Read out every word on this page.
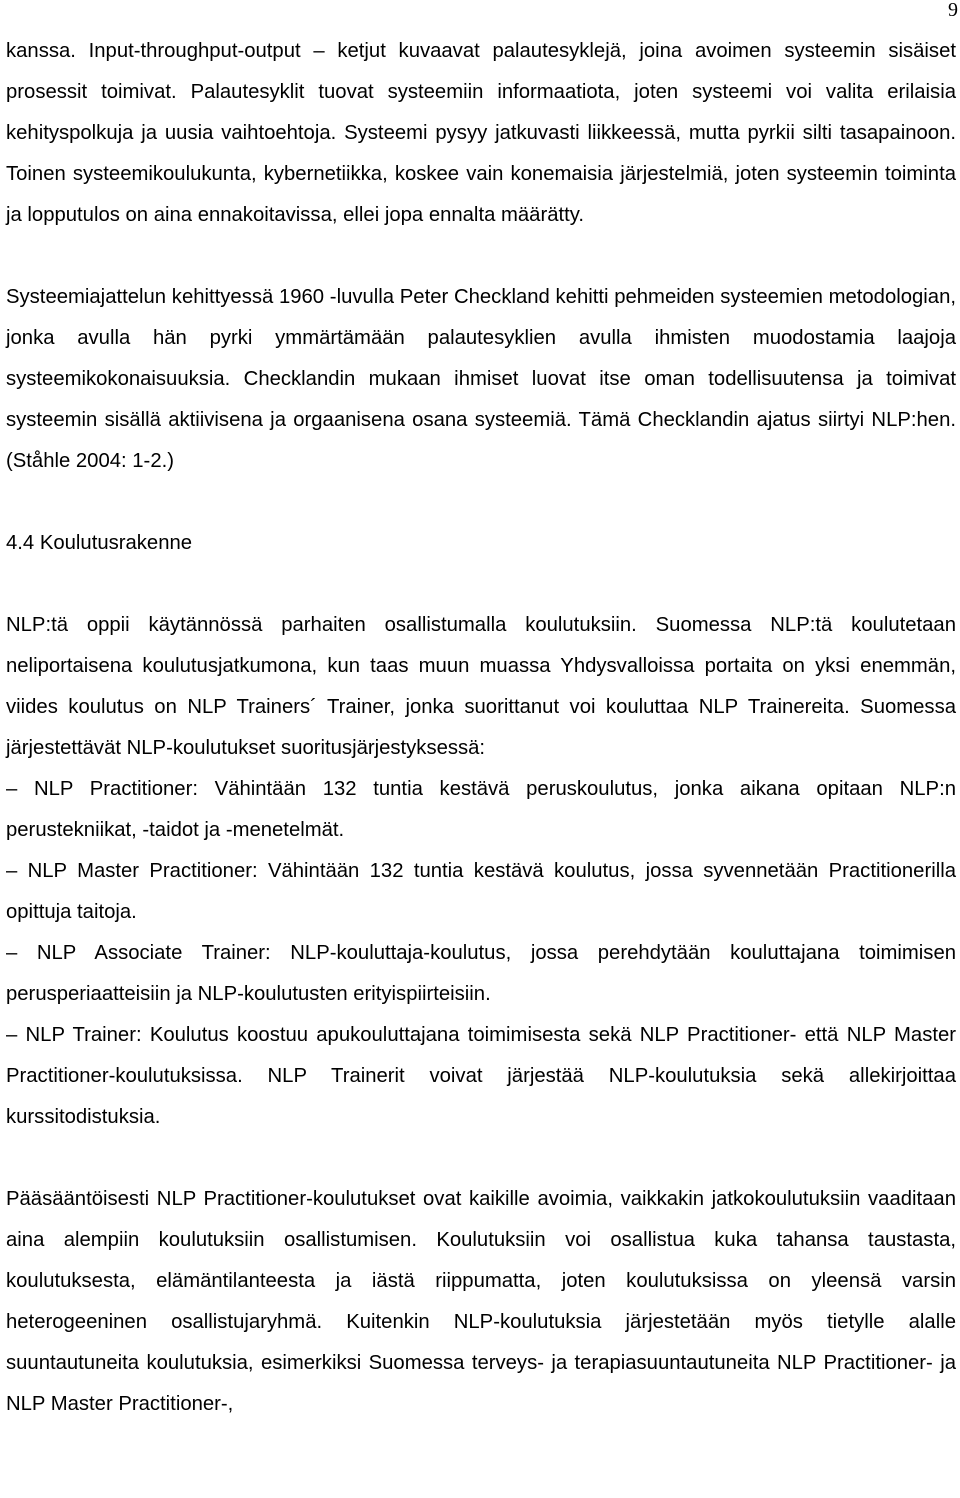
9

kanssa. Input-throughput-output – ketjut kuvaavat palautesyklejä, joina avoimen systeemin sisäiset prosessit toimivat. Palautesyklit tuovat systeemiin informaatiota, joten systeemi voi valita erilaisia kehityspolkuja ja uusia vaihtoehtoja. Systeemi pysyy jatkuvasti liikkeessä, mutta pyrkii silti tasapainoon. Toinen systeemikoulukunta, kybernetiikka, koskee vain konemaisia järjestelmiä, joten systeemin toiminta ja lopputulos on aina ennakoitavissa, ellei jopa ennalta määrätty.

Systeemiajattelun kehittyessä 1960 -luvulla Peter Checkland kehitti pehmeiden systeemien metodologian, jonka avulla hän pyrki ymmärtämään palautesyklien avulla ihmisten muodostamia laajoja systeemikokonaisuuksia. Checklandin mukaan ihmiset luovat itse oman todellisuutensa ja toimivat systeemin sisällä aktiivisena ja orgaanisena osana systeemiä. Tämä Checklandin ajatus siirtyi NLP:hen. (Ståhle 2004: 1-2.)

4.4 Koulutusrakenne

NLP:tä oppii käytännössä parhaiten osallistumalla koulutuksiin. Suomessa NLP:tä koulutetaan neliportaisena koulutusjatkumona, kun taas muun muassa Yhdysvalloissa portaita on yksi enemmän, viides koulutus on NLP Trainers´ Trainer, jonka suorittanut voi kouluttaa NLP Trainereita. Suomessa järjestettävät NLP-koulutukset suoritusjärjestyksessä:

– NLP Practitioner: Vähintään 132 tuntia kestävä peruskoulutus, jonka aikana opitaan NLP:n perustekniikat, -taidot ja -menetelmät.

– NLP Master Practitioner: Vähintään 132 tuntia kestävä koulutus, jossa syvennetään Practitionerilla opittuja taitoja.

– NLP Associate Trainer: NLP-kouluttaja-koulutus, jossa perehdytään kouluttajana toimimisen perusperiaatteisiin ja NLP-koulutusten erityispiirteisiin.

– NLP Trainer: Koulutus koostuu apukouluttajana toimimisesta sekä NLP Practitioner- että NLP Master Practitioner-koulutuksissa. NLP Trainerit voivat järjestää NLP-koulutuksia sekä allekirjoittaa kurssitodistuksia.

Pääsääntöisesti NLP Practitioner-koulutukset ovat kaikille avoimia, vaikkakin jatkokoulutuksiin vaaditaan aina alempiin koulutuksiin osallistumisen. Koulutuksiin voi osallistua kuka tahansa taustasta, koulutuksesta, elämäntilanteesta ja iästä riippumatta, joten koulutuksissa on yleensä varsin heterogeeninen osallistujaryhmä. Kuitenkin NLP-koulutuksia järjestetään myös tietylle alalle suuntautuneita koulutuksia, esimerkiksi Suomessa terveys- ja terapiasuuntautuneita NLP Practitioner- ja NLP Master Practitioner-,
